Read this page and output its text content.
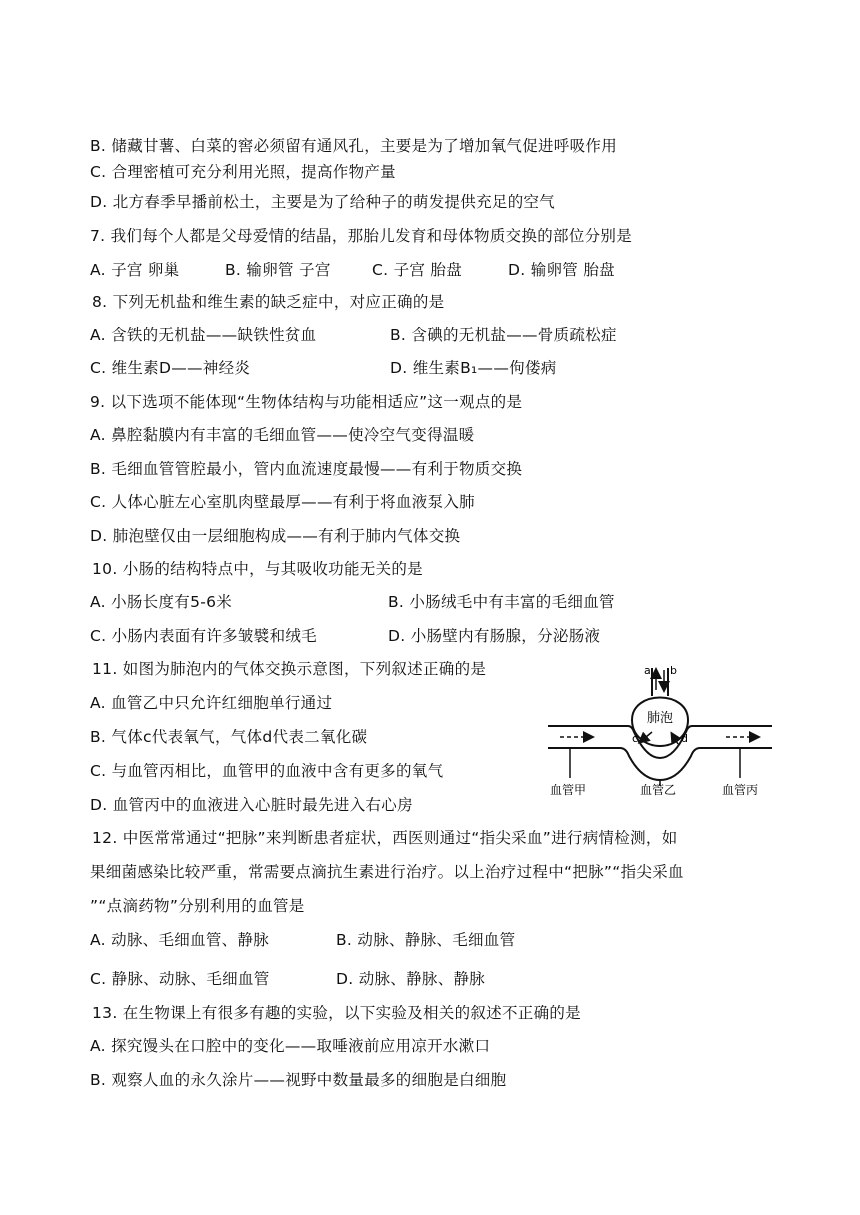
B. 储藏甘薯、白菜的窖必须留有通风孔，主要是为了增加氧气促进呼吸作用
C. 合理密植可充分利用光照，提高作物产量
D. 北方春季早播前松土，主要是为了给种子的萌发提供充足的空气
7. 我们每个人都是父母爱情的结晶，那胎儿发育和母体物质交换的部位分别是
A. 子宫 卵巢	B. 输卵管 子宫	C. 子宫 胎盘	D. 输卵管 胎盘
8. 下列无机盐和维生素的缺乏症中，对应正确的是
A. 含铁的无机盐——缺铁性贫血	B. 含碘的无机盐——骨质疏松症
C. 维生素D——神经炎	D. 维生素B₁——佝偻病
9. 以下选项不能体现“生物体结构与功能相适应”这一观点的是
A. 鼻腔黏膜内有丰富的毛细血管——使冷空气变得温暖
B. 毛细血管管腔最小，管内血流速度最慢——有利于物质交换
C. 人体心脏左心室肌肉壁最厚——有利于将血液泵入肺
D. 肺泡壁仅由一层细胞构成——有利于肺内气体交换
10. 小肠的结构特点中，与其吸收功能无关的是
A. 小肠长度有5-6米	B. 小肠绒毛中有丰富的毛细血管
C. 小肠内表面有许多皱襞和绒毛	D. 小肠壁内有肠腺，分泌肠液
11. 如图为肺泡内的气体交换示意图，下列叙述正确的是
A. 血管乙中只允许红细胞单行通过
B. 气体c代表氧气，气体d代表二氧化碳
C. 与血管丙相比，血管甲的血液中含有更多的氧气
D. 血管丙中的血液进入心脏时最先进入右心房
a b
肺泡
c	d
血管甲	血管乙	血管丙
12. 中医常常通过“把脉”来判断患者症状，西医则通过“指尖采血”进行病情检测，如
果细菌感染比较严重，常需要点滴抗生素进行治疗。以上治疗过程中“把脉”“指尖采血
”“点滴药物”分别利用的血管是
A. 动脉、毛细血管、静脉	B. 动脉、静脉、毛细血管
C. 静脉、动脉、毛细血管	D. 动脉、静脉、静脉
13. 在生物课上有很多有趣的实验，以下实验及相关的叙述不正确的是
A. 探究馒头在口腔中的变化——取唾液前应用凉开水漱口
B. 观察人血的永久涂片——视野中数量最多的细胞是白细胞
